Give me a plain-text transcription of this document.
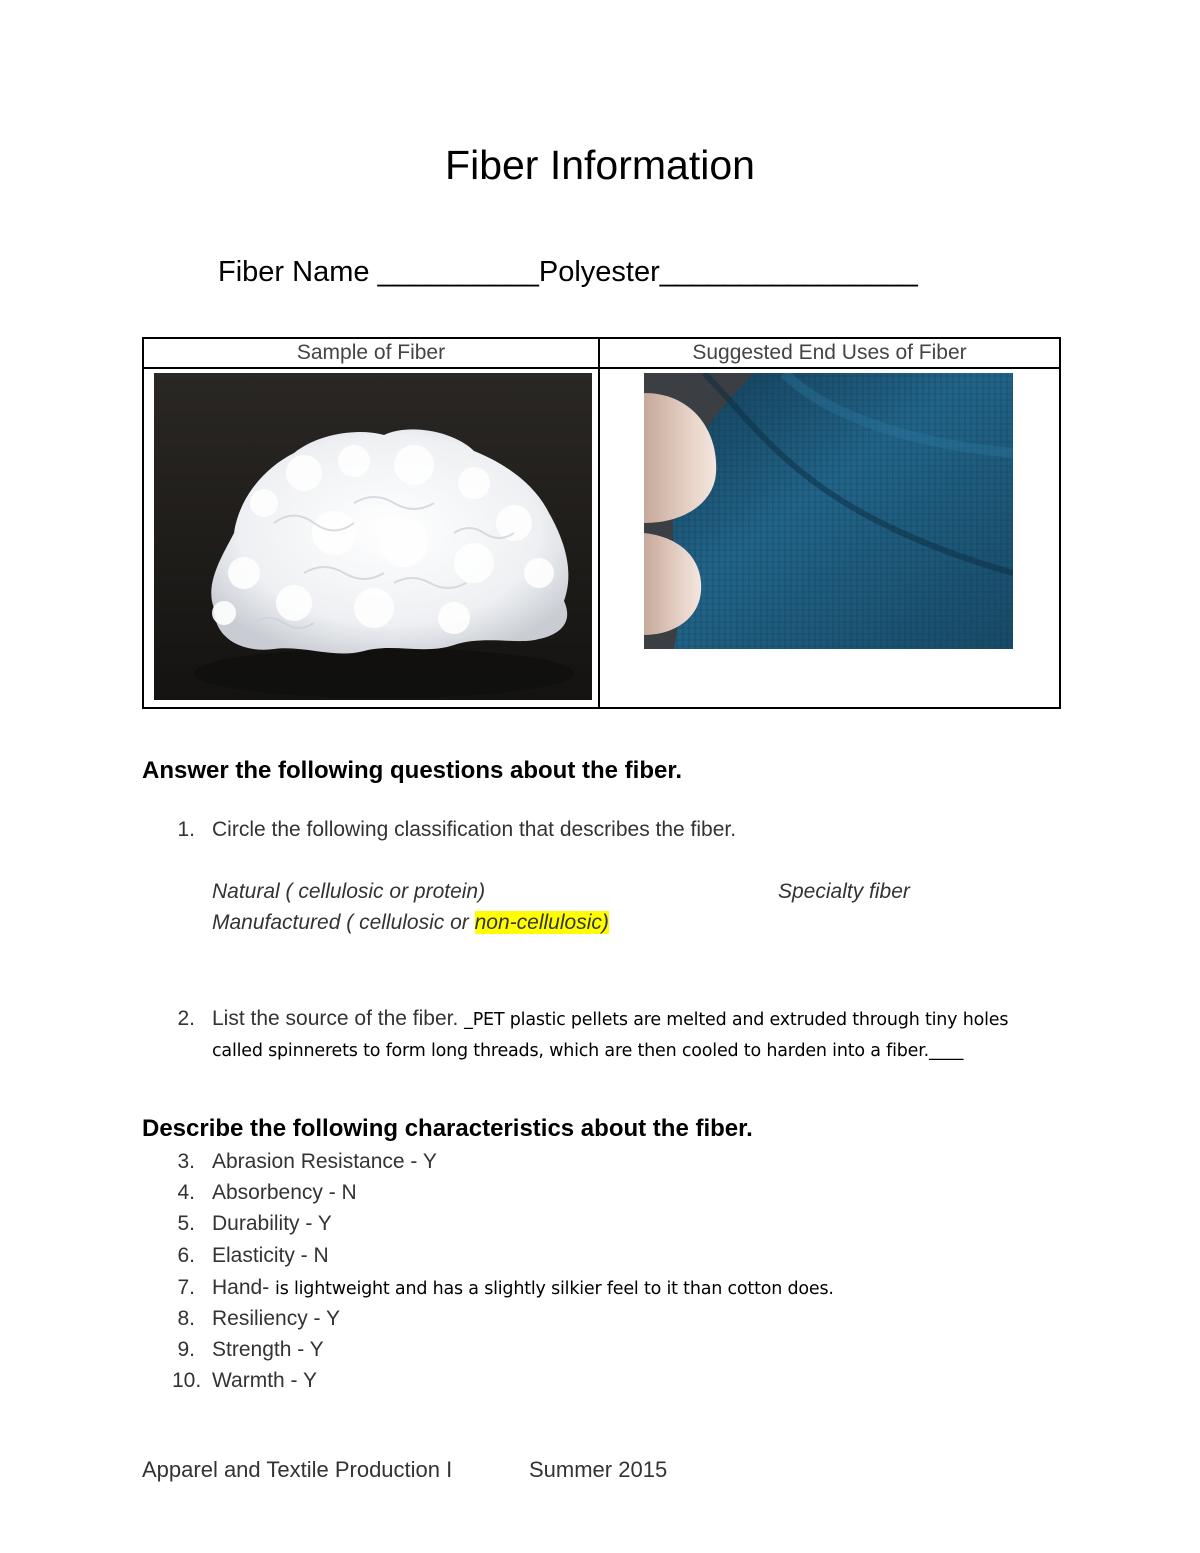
Fiber Information
Fiber Name __________Polyester________________
Sample of Fiber	Suggested End Uses of Fiber

Answer the following questions about the fiber.
1. Circle the following classification that describes the fiber.
Natural ( cellulosic or protein)	Specialty fiber
Manufactured ( cellulosic or non-cellulosic)
2. List the source of the fiber. _PET plastic pellets are melted and extruded through tiny holes
called spinnerets to form long threads, which are then cooled to harden into a fiber.____
Describe the following characteristics about the fiber.
3. Abrasion Resistance - Y
4. Absorbency - N
5. Durability - Y
6. Elasticity - N
7. Hand- is lightweight and has a slightly silkier feel to it than cotton does.
8. Resiliency - Y
9. Strength - Y
10. Warmth - Y
Apparel and Textile Production I	Summer 2015
